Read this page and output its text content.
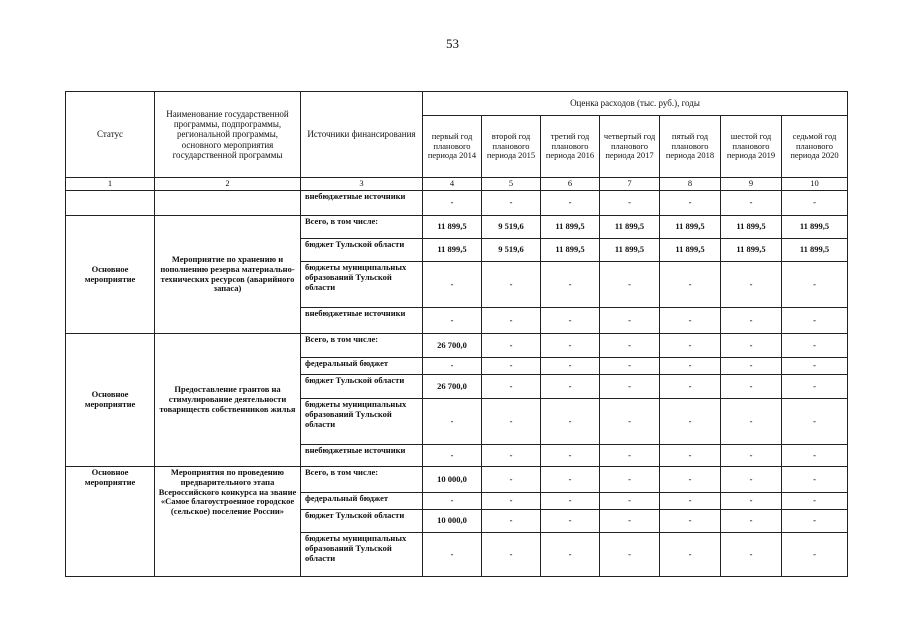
53
Статус	Наименование государственной программы, подпрограммы, региональной программы, основного мероприятия государственной программы	Источники финансирования	Оценка расходов (тыс. руб.), годы						
			первый год планового периода 2014	второй год планового периода 2015	третий год планового периода 2016	четвертый год планового периода 2017	пятый год планового периода 2018	шестой год планового периода 2019	седьмой год планового периода 2020
1	2	3	4	5	6	7	8	9	10
		внебюджетные источники	-	-	-	-	-	-	-
Основное мероприятие	Мероприятие по хранению и пополнению резерва материально-технических ресурсов (аварийного запаса)	Всего, в том числе:	11 899,5	9 519,6	11 899,5	11 899,5	11 899,5	11 899,5	11 899,5
		бюджет Тульской области	11 899,5	9 519,6	11 899,5	11 899,5	11 899,5	11 899,5	11 899,5
		бюджеты муниципальных образований Тульской области	-	-	-	-	-	-	-
		внебюджетные источники	-	-	-	-	-	-	-
Основное мероприятие	Предоставление грантов на стимулирование деятельности товариществ собственников жилья	Всего, в том числе:	26 700,0	-	-	-	-	-	-
		федеральный бюджет	-	-	-	-	-	-	-
		бюджет Тульской области	26 700,0	-	-	-	-	-	-
		бюджеты муниципальных образований Тульской области	-	-	-	-	-	-	-
		внебюджетные источники	-	-	-	-	-	-	-
Основное мероприятие	Мероприятия по проведению предварительного этапа Всероссийского конкурса на звание «Самое благоустроенное городское (сельское) поселение России»	Всего, в том числе:	10 000,0	-	-	-	-	-	-
		федеральный бюджет	-	-	-	-	-	-	-
		бюджет Тульской области	10 000,0	-	-	-	-	-	-
		бюджеты муниципальных образований Тульской области	-	-	-	-	-	-	-
